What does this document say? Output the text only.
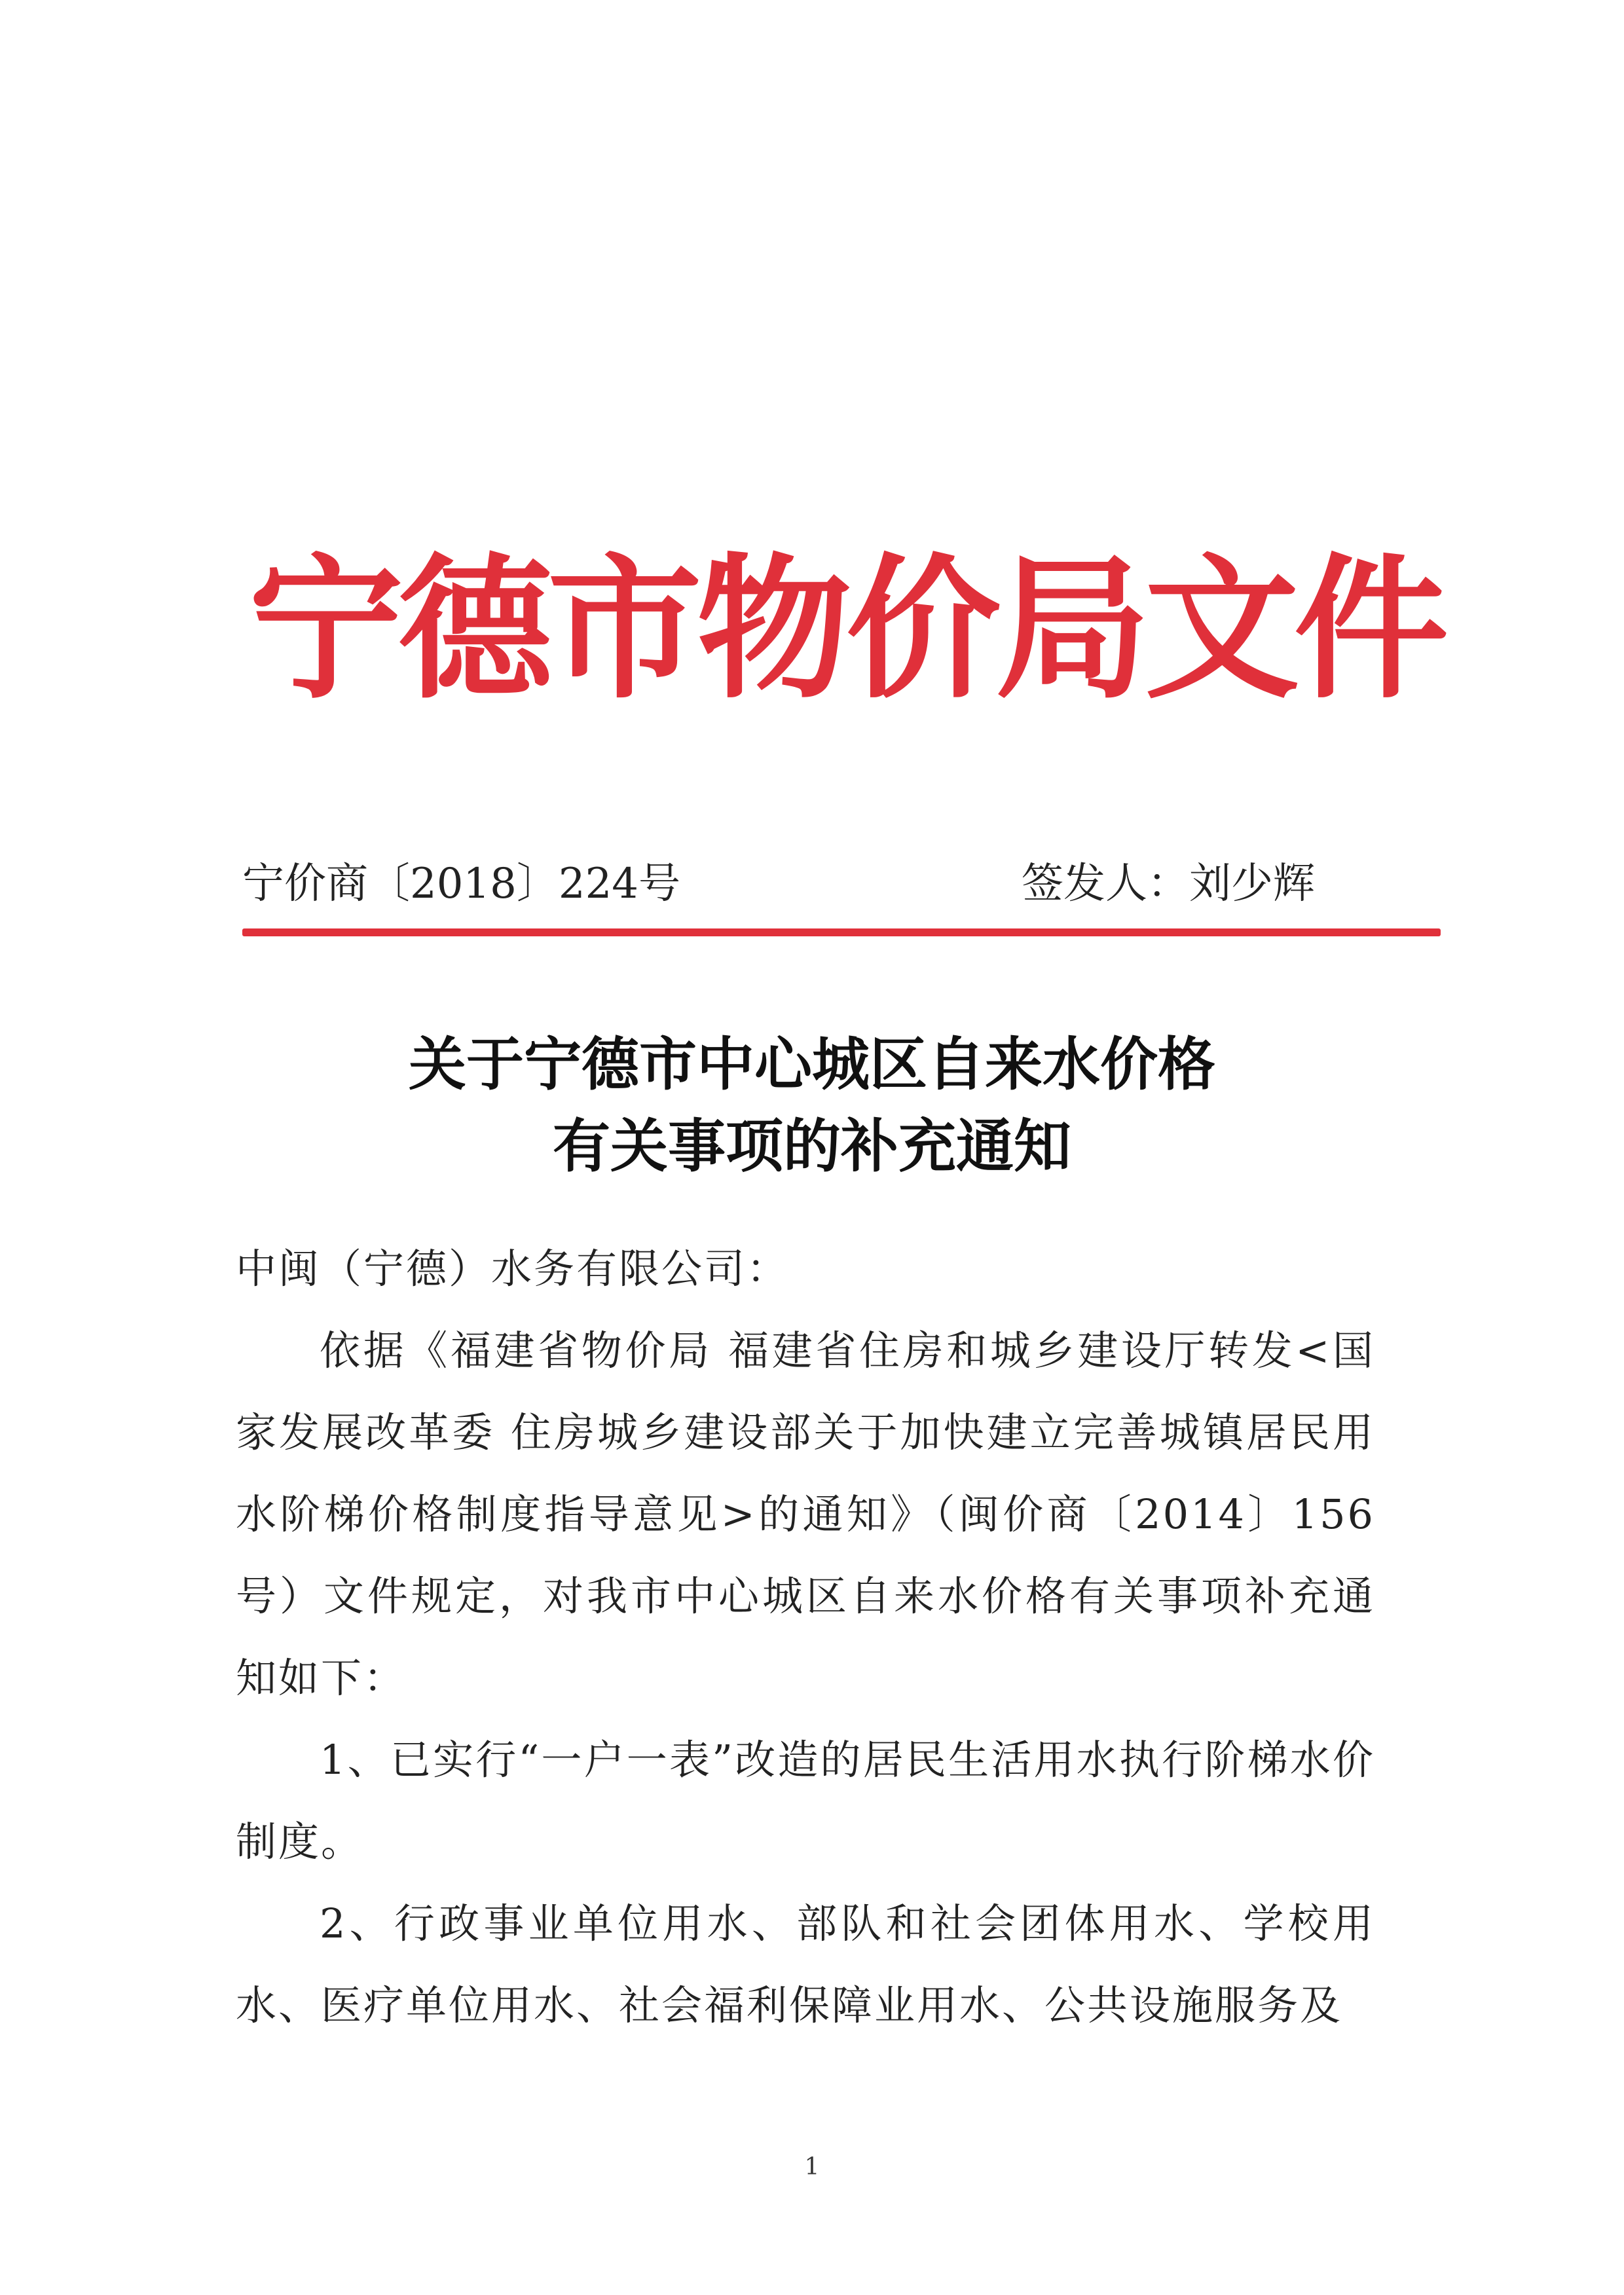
宁德市物价局文件
宁价商〔2018〕224号	签发人：刘少辉
关于宁德市中心城区自来水价格
有关事项的补充通知

中闽（宁德）水务有限公司：

依据《福建省物价局 福建省住房和城乡建设厅转发<国家发展改革委 住房城乡建设部关于加快建立完善城镇居民用水阶梯价格制度指导意见>的通知》（闽价商〔2014〕156号）文件规定，对我市中心城区自来水价格有关事项补充通知如下：

1、已实行“一户一表”改造的居民生活用水执行阶梯水价制度。

2、行政事业单位用水、部队和社会团体用水、学校用水、医疗单位用水、社会福利保障业用水、公共设施服务及

1
